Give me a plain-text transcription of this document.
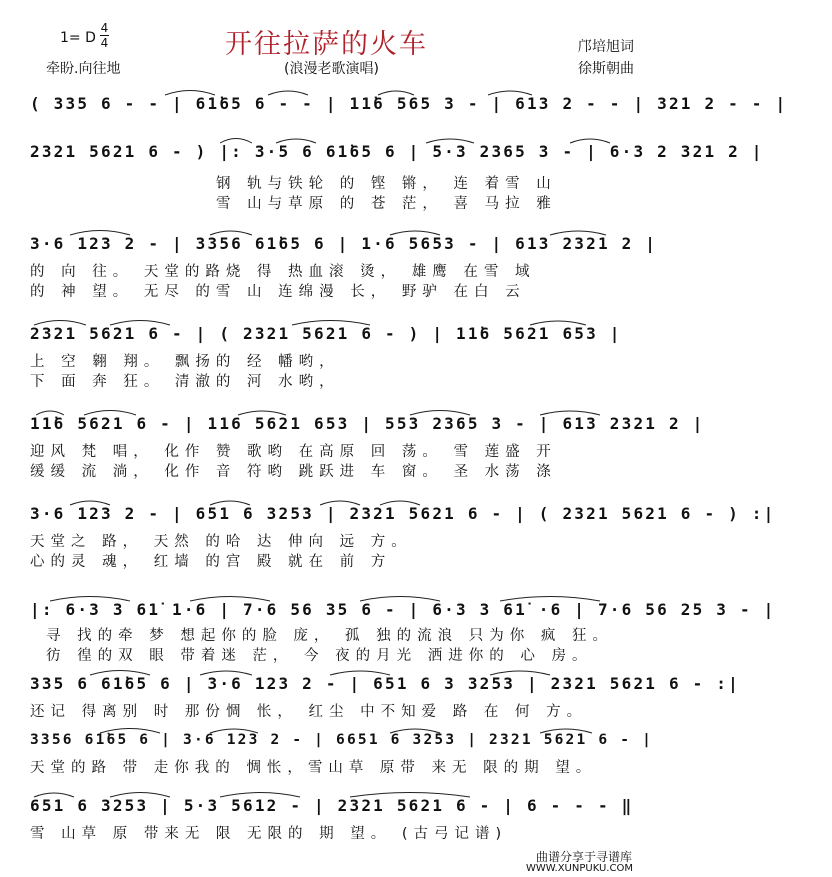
1= D
4
4	开往拉萨的火车	邝培旭词
牵盼.向往地	(浪漫老歌演唱)	徐斯朝曲
( 335 6 - - | 61̇65 6 - - | 11̇6 565 3 - | 613 2 - - | 321 2 - - |
2321 5621 6 - ) |: 3·5 6 61̇65 6 | 5·3 2365 3 - | 6·3 2 321 2 |
钢 轨与铁轮 的 铿 锵， 连 着雪 山
雪 山与草原 的 苍 茫， 喜 马拉 雅
3·6 123 2 - | 3356 61̇65 6 | 1·6 5653 - | 613 2321 2 |
的 向 往。 天堂的路烧 得 热血滚 烫， 雄鹰 在雪 域
的 神 望。 无尽 的雪 山 连绵漫 长， 野驴 在白 云
2321 5621 6 - | ( 2321 5621 6 - ) | 11̇6 5621 653 |
上 空 翱 翔。 飘扬的 经 幡哟，
下 面 奔 狂。 清澈的 河 水哟，
11̇6 5621 6 - | 116 5621 653 | 553 2365 3 - | 613 2321 2 |
迎风 梵 唱， 化作 赞 歌哟 在高原 回 荡。 雪 莲盛 开
缓缓 流 淌， 化作 音 符哟 跳跃进 车 窗。 圣 水荡 涤
3·6 123 2 - | 651 6 3253 | 2321 5621 6 - | ( 2321 5621 6 - ) :|
天堂之 路， 天然 的哈 达 伸向 远 方。
心的灵 魂， 红墙 的宫 殿 就在 前 方
|: 6·3 3 61̇ 1·6 | 7·6 56 35 6 - | 6·3 3 61̇ ·6 | 7·6 56 25 3 - |
寻 找的牵 梦 想起你的脸 庞， 孤 独的流浪 只为你 疯 狂。
彷 徨的双 眼 带着迷 茫， 今 夜的月光 洒进你的 心 房。
335 6 61̇65 6 | 3·6 123 2 - | 651 6 3 3253 | 2321 5621 6 - :|
还记 得离别 时 那份惆 怅， 红尘 中不知爱 路 在 何 方。
3356 61̇65 6 | 3·6 123 2 - | 6651 6 3253 | 2321 5621 6 - |
天堂的路 带 走你我的 惆怅，雪山草 原带 来无 限的期 望。
651 6 3253 | 5·3 5612 - | 2321 5621 6 - | 6 - - - ‖
雪 山草 原 带来无 限 无限的 期 望。 (古弓记谱)
曲谱分享于寻谱库
WWW.XUNPUKU.COM
